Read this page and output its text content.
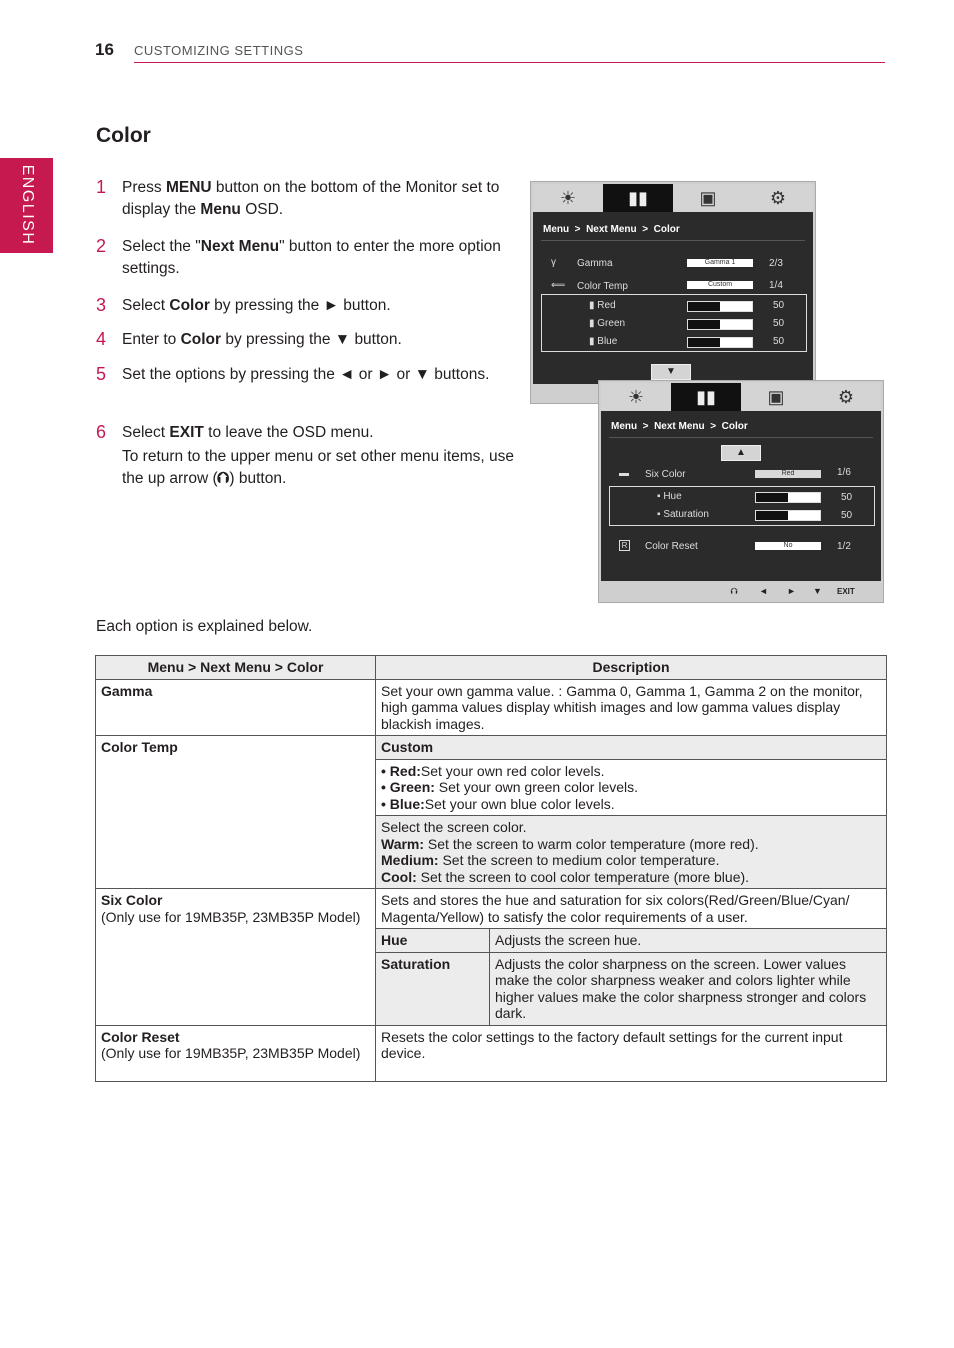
16 CUSTOMIZING SETTINGS
ENGLISH
Color
1 Press MENU button on the bottom of the Monitor set to display the Menu OSD.
2 Select the "Next Menu" button to enter the more option settings.
3 Select Color by pressing the ► button.
4 Enter to Color by pressing the ▼ button.
5 Set the options by pressing the ◄ or ► or ▼ buttons.
6 Select EXIT to leave the OSD menu.
To return to the upper menu or set other menu items, use the up arrow (⮉) button.
☀	▮▮	▣	⚙
Menu > Next Menu > Color
γ Gamma	Gamma 1	2/3
⟸ Color Temp	Custom	1/4
▮ Red	50
▮ Green	50
▮ Blue	50
▼
☀	▮▮	▣	⚙
Menu > Next Menu > Color
▲
▬ Six Color	Red	1/6
▪ Hue	50
▪ Saturation	50
R Color Reset	No	1/2
⮉ ◄ ► ▼ EXIT
Each option is explained below.
Menu > Next Menu > Color	Description	
Gamma	Set your own gamma value. : Gamma 0, Gamma 1, Gamma 2 on the monitor, high gamma values display whitish images and low gamma values display blackish images.	
Color Temp	Custom	
	• Red:Set your own red color levels.
• Green: Set your own green color levels.
• Blue:Set your own blue color levels.	
	Select the screen color.
Warm: Set the screen to warm color temperature (more red).
Medium: Set the screen to medium color temperature.
Cool: Set the screen to cool color temperature (more blue).	
Six Color
(Only use for 19MB35P, 23MB35P Model)	Sets and stores the hue and saturation for six colors(Red/Green/Blue/Cyan/ Magenta/Yellow) to satisfy the color requirements of a user.	
	Hue	Adjusts the screen hue.
	Saturation	Adjusts the color sharpness on the screen. Lower values make the color sharpness weaker and colors lighter while higher values make the color sharpness stronger and colors dark.
Color Reset
(Only use for 19MB35P, 23MB35P Model)	Resets the color settings to the factory default settings for the current input device.	
